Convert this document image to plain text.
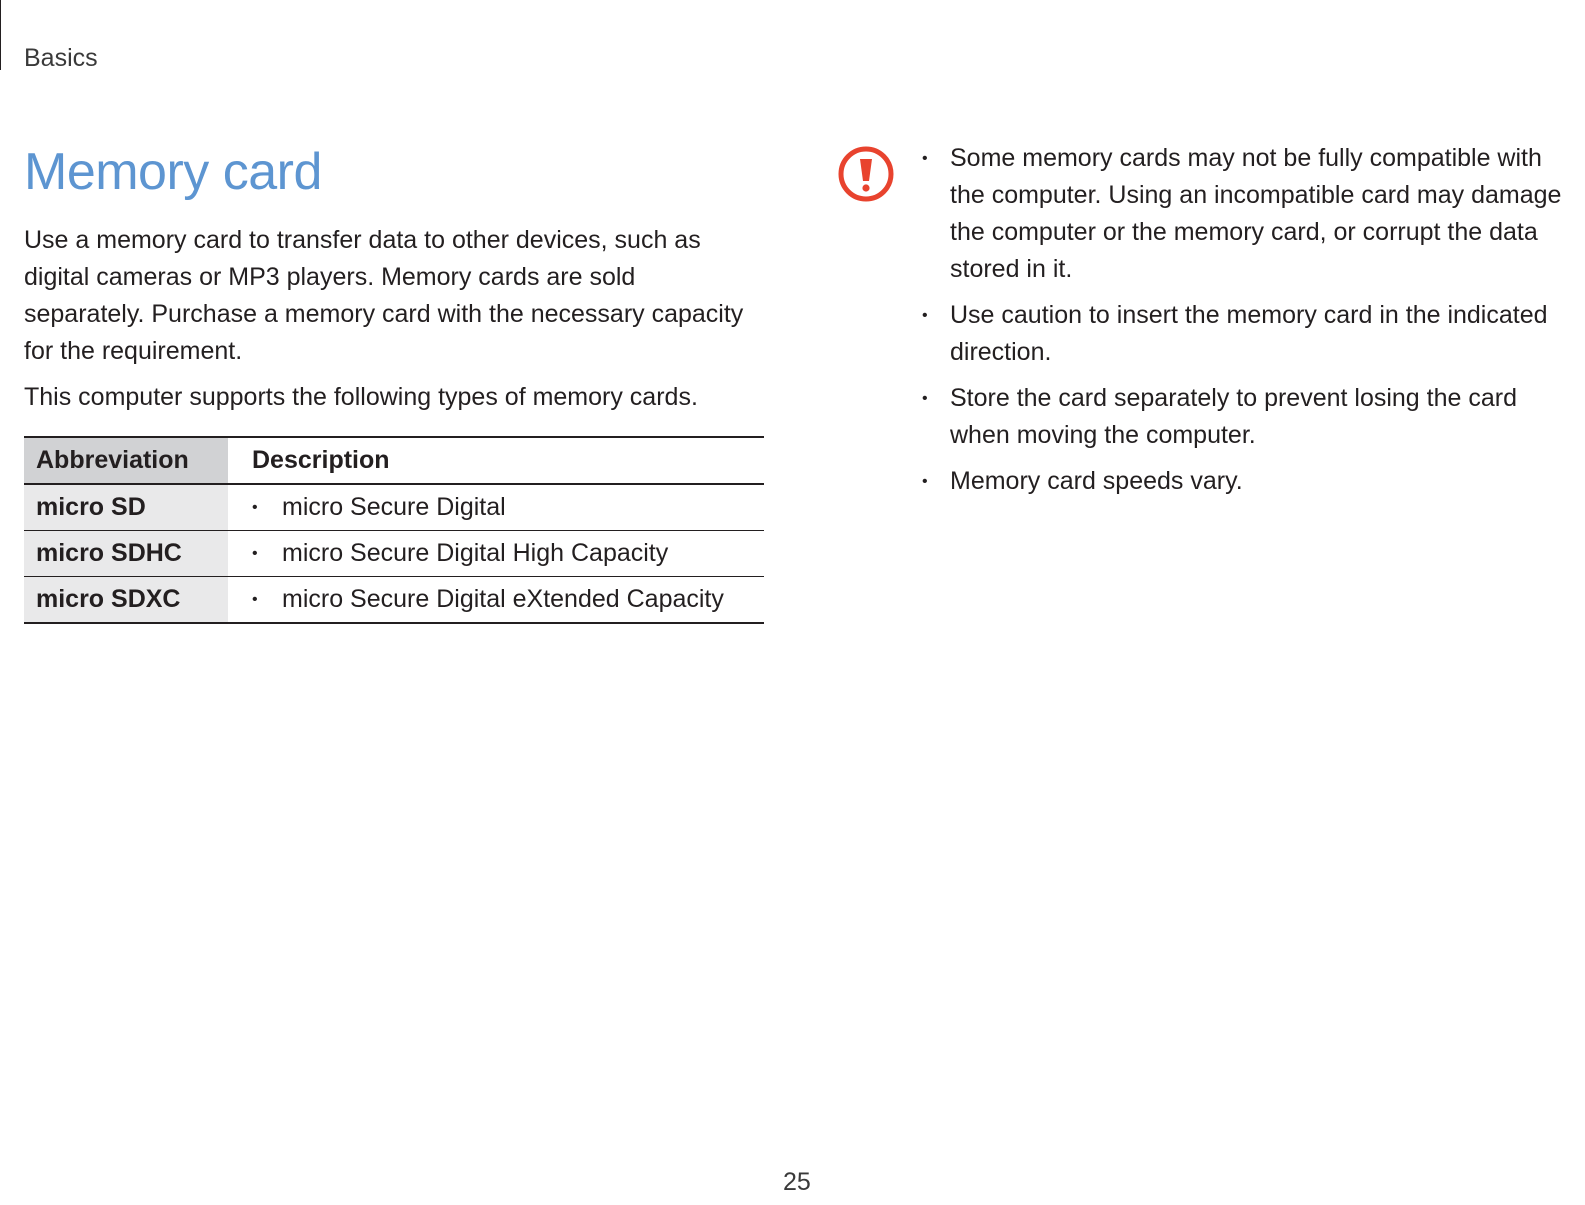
Basics
Memory card

Use a memory card to transfer data to other devices, such as digital cameras or MP3 players. Memory cards are sold separately. Purchase a memory card with the necessary capacity for the requirement.

This computer supports the following types of memory cards.

Abbreviation	Description
micro SD	• micro Secure Digital
micro SDHC	• micro Secure Digital High Capacity
micro SDXC	• micro Secure Digital eXtended Capacity
• Some memory cards may not be fully compatible with the computer. Using an incompatible card may damage the computer or the memory card, or corrupt the data stored in it.
• Use caution to insert the memory card in the indicated direction.
• Store the card separately to prevent losing the card when moving the computer.
• Memory card speeds vary.
25
